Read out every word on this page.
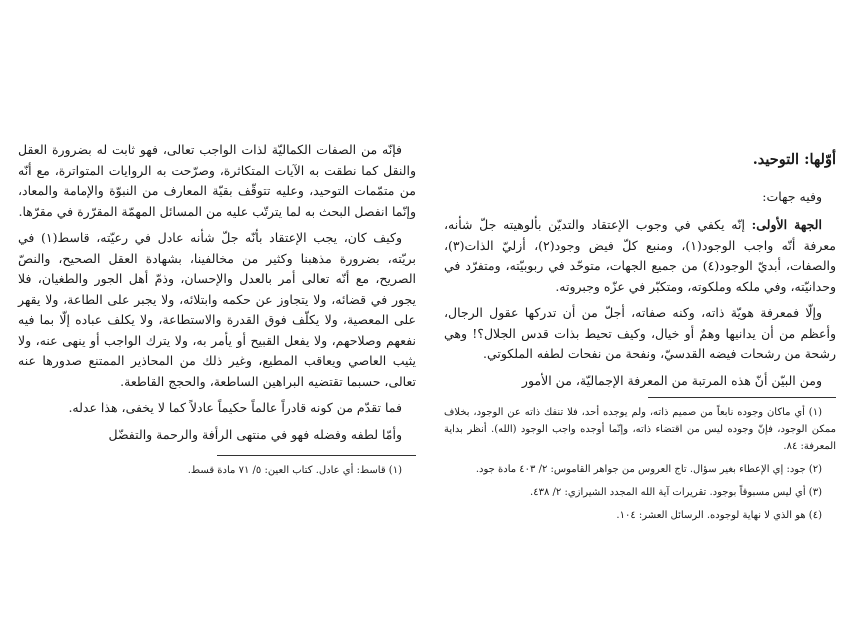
أوّلها: التوحيد.
وفيه جهات:

الجهة الأولى: إنّه يكفي في وجوب الإعتقاد والتديّن بألوهيته جلّ شأنه، معرفة أنّه واجب الوجود(١)، ومنبع كلّ فيض وجود(٢)، أزليّ الذات(٣)، والصفات، أبديّ الوجود(٤) من جميع الجهات، متوحّد في ربوبيّته، ومتفرّد في وحدانيّته، وفي ملكه وملكوته، ومتكبّر في عزّه وجبروته.

وإلّا فمعرفة هويّة ذاته، وكنه صفاته، أجلّ من أن تدركها عقول الرجال، وأعظم من أن يدانيها وهمٌ أو خيال، وكيف تحيط بذات قدس الجلال؟! وهي رشحة من رشحات فيضه القدسيّ، ونفحة من نفحات لطفه الملكوتي.

ومن البيّن أنّ هذه المرتبة من المعرفة الإجماليّة، من الأمور

(١) أي ماكان وجوده نابعاً من صميم ذاته، ولم يوجده أحد، فلا تنفك ذاته عن الوجود، بخلاف ممكن الوجود، فإنّ وجوده ليس من اقتضاء ذاته، وإنّما أوجده واجب الوجود (الله). أنظر بداية المعرفة: ٨٤.

(٢) جود: إي الإعطاء بغير سؤال. تاج العروس من جواهر القاموس: ٢/ ٤٠٣ مادة جود.

(٣) أي ليس مسبوقاً بوجود. تقريرات آية الله المجدد الشيرازي: ٢/ ٤٣٨.

(٤) هو الذي لا نهاية لوجوده. الرسائل العشر: ١٠٤.

فإنّه من الصفات الكماليّة لذات الواجب تعالى، فهو ثابت له بضرورة العقل والنقل كما نطقت به الآيات المتكاثرة، وصرّحت به الروايات المتواترة، مع أنّه من متمّمات التوحيد، وعليه تتوقّف بقيّة المعارف من النبوّة والإمامة والمعاد، وإنّما انفصل البحث به لما يترتّب عليه من المسائل المهمّة المقرّرة في مقرّها.

وكيف كان، يجب الإعتقاد بأنّه جلّ شأنه عادل في رعيّته، قاسط(١) في بريّته، بضرورة مذهبنا وكثير من مخالفينا، بشهادة العقل الصحيح، والنصّ الصريح، مع أنّه تعالى أمر بالعدل والإحسان، وذمّ أهل الجور والطغيان، فلا يجور في قضائه، ولا يتجاوز عن حكمه وابتلائه، ولا يجبر على الطاعة، ولا يقهر على المعصية، ولا يكلّف فوق القدرة والاستطاعة، ولا يكلف عباده إلّا بما فيه نفعهم وصلاحهم، ولا يفعل القبيح أو يأمر به، ولا يترك الواجب أو ينهى عنه، ولا يثيب العاصي ويعاقب المطيع، وغير ذلك من المحاذير الممتنع صدورها عنه تعالى، حسبما تقتضيه البراهين الساطعة، والحجج القاطعة.

فما تقدّم من كونه قادراً عالماً حكيماً عادلاً كما لا يخفى، هذا عدله.

وأمّا لطفه وفضله فهو في منتهى الرأفة والرحمة والتفضّل

(١) قاسط: أي عادل. كتاب العين: ٥/ ٧١ مادة قسط.
